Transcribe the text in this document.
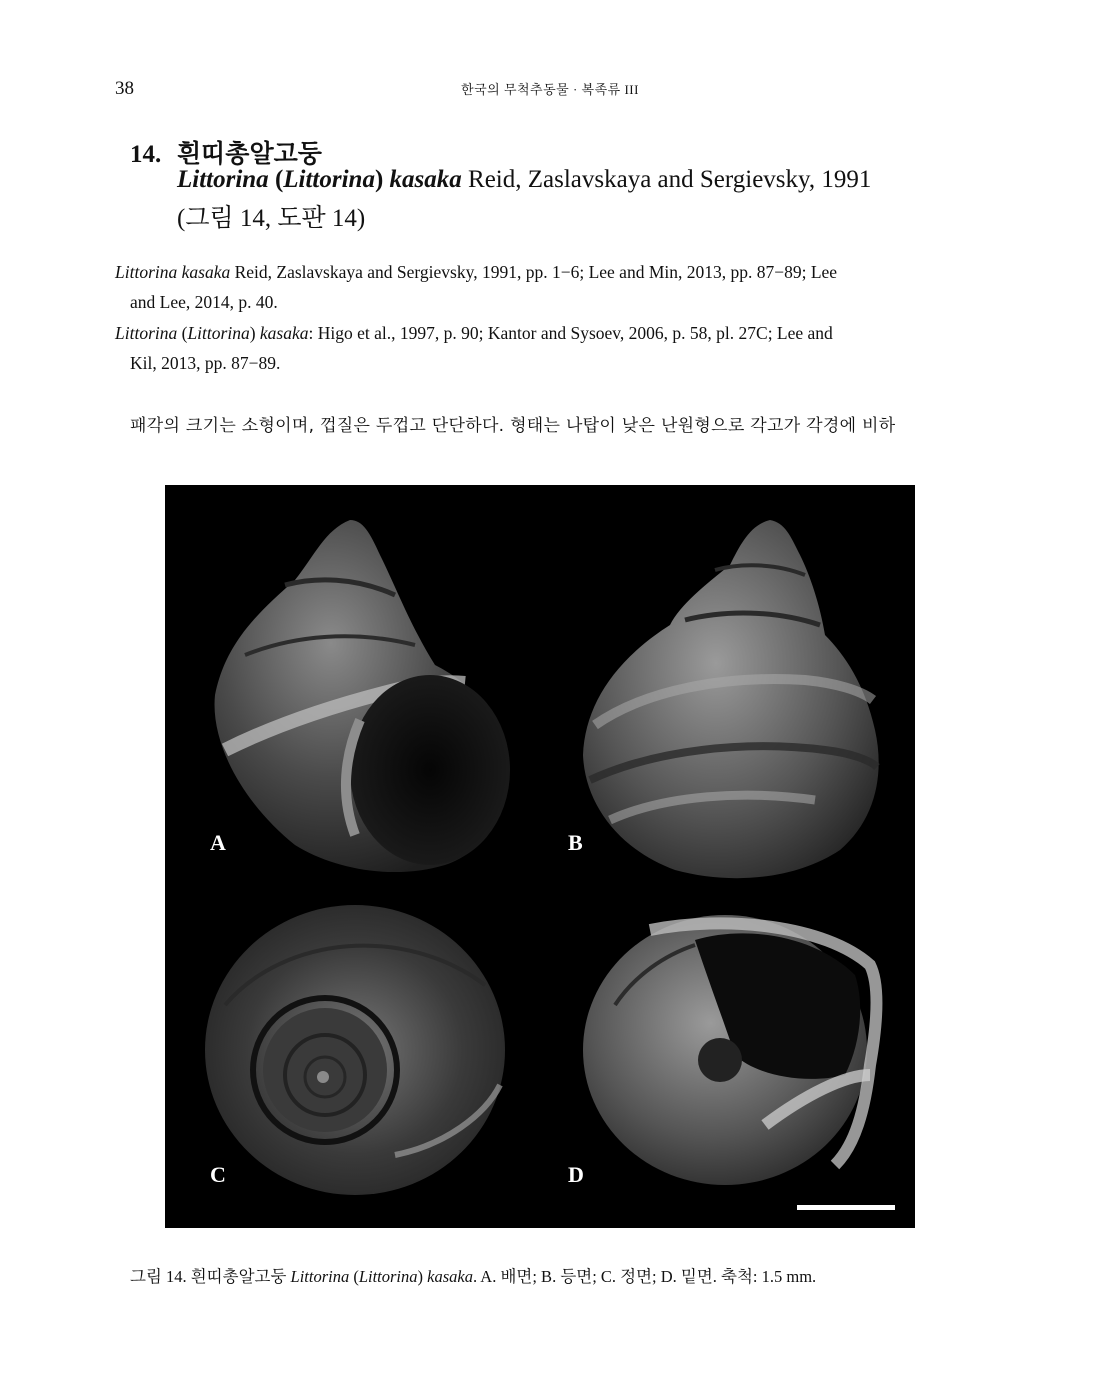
38	한국의 무척추동물 · 복족류 III
14. 흰띠총알고둥
Littorina (Littorina) kasaka Reid, Zaslavskaya and Sergievsky, 1991
(그림 14, 도판 14)
Littorina kasaka Reid, Zaslavskaya and Sergievsky, 1991, pp. 1−6; Lee and Min, 2013, pp. 87−89; Lee
and Lee, 2014, p. 40.
Littorina (Littorina) kasaka: Higo et al., 1997, p. 90; Kantor and Sysoev, 2006, p. 58, pl. 27C; Lee and
Kil, 2013, pp. 87−89.
패각의 크기는 소형이며, 껍질은 두껍고 단단하다. 형태는 나탑이 낮은 난원형으로 각고가 각경에 비하
A	B
C	D
그림 14. 흰띠총알고둥 Littorina (Littorina) kasaka. A. 배면; B. 등면; C. 정면; D. 밑면. 축척: 1.5 mm.
